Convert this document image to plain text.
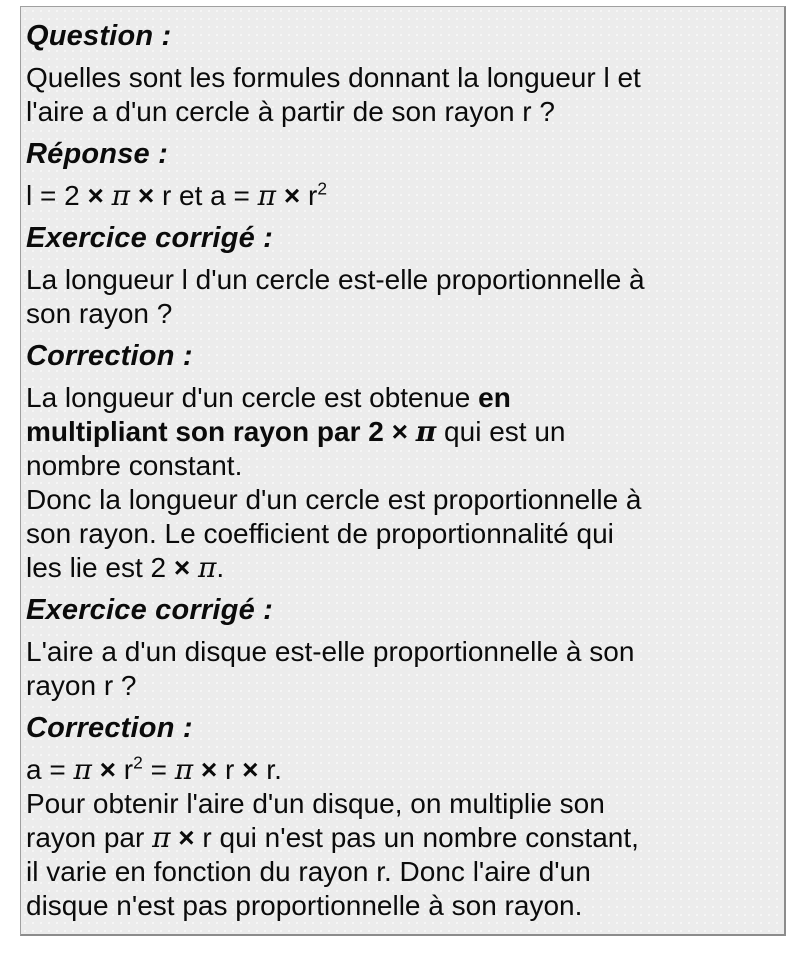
Question :
Quelles sont les formules donnant la longueur l et
l'aire a d'un cercle à partir de son rayon r ?
Réponse :
l = 2 × π × r et $a = \pi \times r^2$
Exercice corrigé :
La longueur l d'un cercle est-elle proportionnelle à
son rayon ?
Correction :
La longueur d'un cercle est obtenue en
multipliant son rayon par 2 × π qui est un
nombre constant.
Donc la longueur d'un cercle est proportionnelle à
son rayon. Le coefficient de proportionnalité qui
les lie est 2 × π.
Exercice corrigé :
L'aire a d'un disque est-elle proportionnelle à son
rayon r ?
Correction :
$a = \pi \times r^2 = \pi \times r \times r$.
Pour obtenir l'aire d'un disque, on multiplie son
rayon par π × r qui n'est pas un nombre constant,
il varie en fonction du rayon r. Donc l'aire d'un
disque n'est pas proportionnelle à son rayon.
